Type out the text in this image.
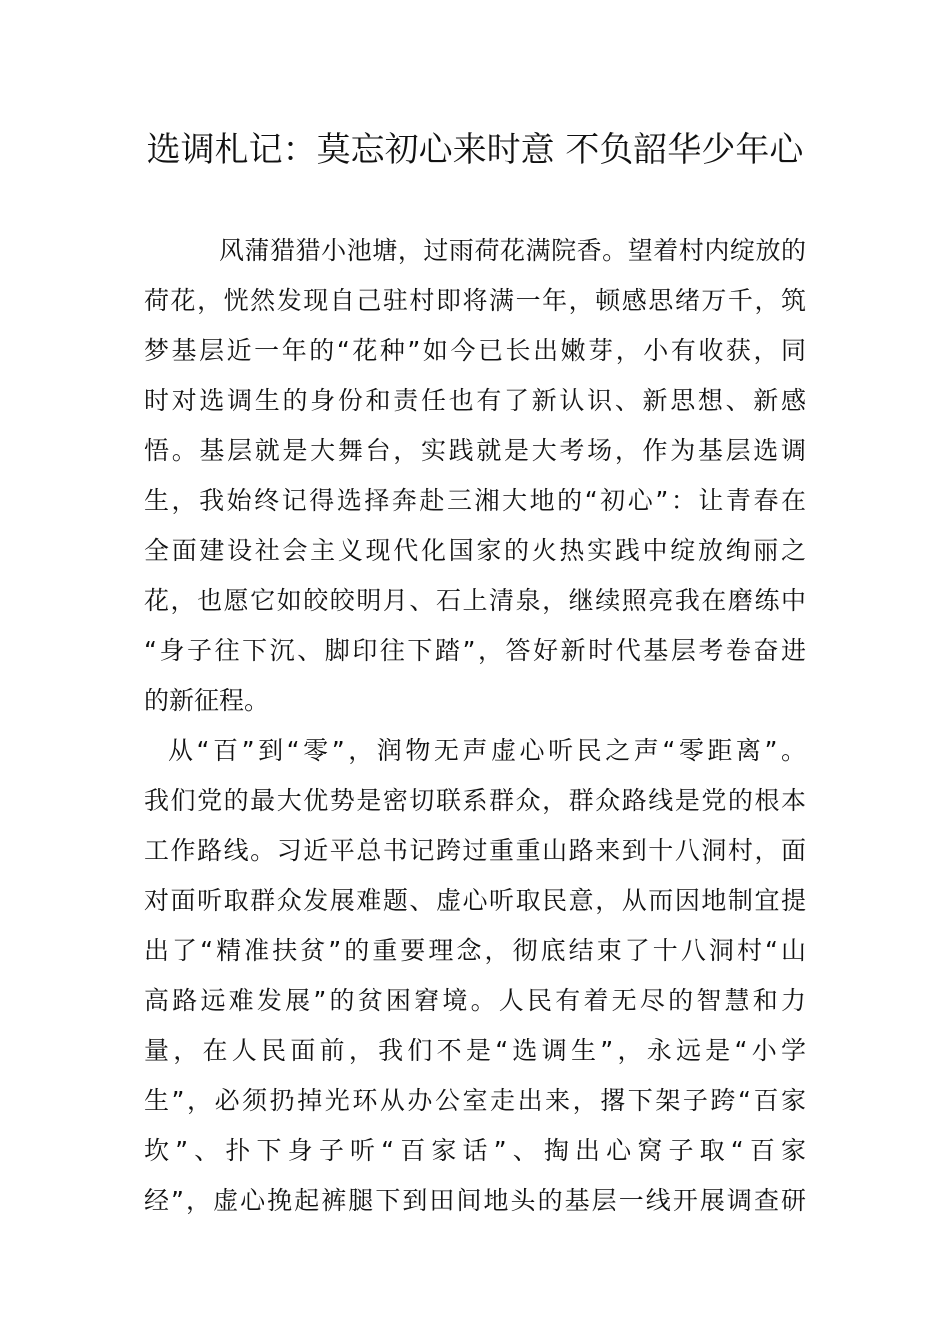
选调札记：莫忘初心来时意 不负韶华少年心
风蒲猎猎小池塘，过雨荷花满院香。望着村内绽放的
荷花，恍然发现自己驻村即将满一年，顿感思绪万千，筑
梦基层近一年的“花种”如今已长出嫩芽，小有收获，同
时对选调生的身份和责任也有了新认识、新思想、新感
悟。基层就是大舞台，实践就是大考场，作为基层选调
生，我始终记得选择奔赴三湘大地的“初心”：让青春在
全面建设社会主义现代化国家的火热实践中绽放绚丽之
花，也愿它如皎皎明月、石上清泉，继续照亮我在磨练中
“身子往下沉、脚印往下踏”，答好新时代基层考卷奋进
的新征程。
从“百”到“零”，润物无声虚心听民之声“零距离”。
我们党的最大优势是密切联系群众，群众路线是党的根本
工作路线。习近平总书记跨过重重山路来到十八洞村，面
对面听取群众发展难题、虚心听取民意，从而因地制宜提
出了“精准扶贫”的重要理念，彻底结束了十八洞村“山
高路远难发展”的贫困窘境。人民有着无尽的智慧和力
量，在人民面前，我们不是“选调生”，永远是“小学
生”，必须扔掉光环从办公室走出来，撂下架子跨“百家
坎”、扑下身子听“百家话”、掏出心窝子取“百家
经”，虚心挽起裤腿下到田间地头的基层一线开展调查研
